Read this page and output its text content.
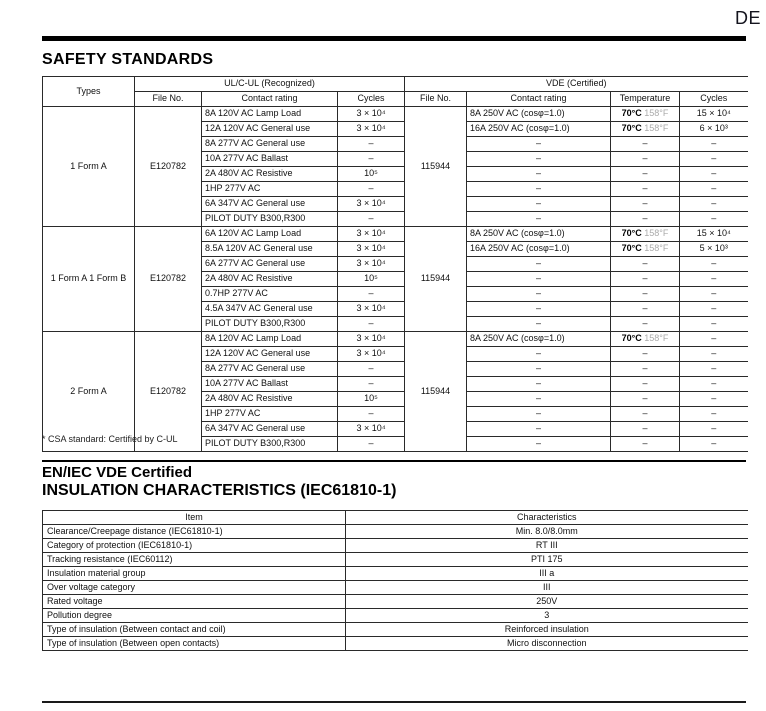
DE
SAFETY STANDARDS
Types	UL/C-UL (Recognized)			VDE (Certified)			
	File No.	Contact rating	Cycles	File No.	Contact rating	Temperature	Cycles
1 Form A	E120782	8A 120V AC Lamp Load	3 × 10⁴	115944	8A 250V AC (cosφ=1.0)	70°C 158°F	15 × 10⁴
		12A 120V AC General use	3 × 10⁴		16A 250V AC (cosφ=1.0)	70°C 158°F	6 × 10³
		8A 277V AC General use	–		–	–	–
		10A 277V AC Ballast	–		–	–	–
		2A 480V AC Resistive	10⁵		–	–	–
		1HP 277V AC	–		–	–	–
		6A 347V AC General use	3 × 10⁴		–	–	–
		PILOT DUTY B300,R300	–		–	–	–
1 Form A 1 Form B	E120782	6A 120V AC Lamp Load	3 × 10⁴	115944	8A 250V AC (cosφ=1.0)	70°C 158°F	15 × 10⁴
		8.5A 120V AC General use	3 × 10⁴		16A 250V AC (cosφ=1.0)	70°C 158°F	5 × 10³
		6A 277V AC General use	3 × 10⁴		–	–	–
		2A 480V AC Resistive	10⁵		–	–	–
		0.7HP 277V AC	–		–	–	–
		4.5A 347V AC General use	3 × 10⁴		–	–	–
		PILOT DUTY B300,R300	–		–	–	–
2 Form A	E120782	8A 120V AC Lamp Load	3 × 10⁴	115944	8A 250V AC (cosφ=1.0)	70°C 158°F	–
		12A 120V AC General use	3 × 10⁴		–	–	–
		8A 277V AC General use	–		–	–	–
		10A 277V AC Ballast	–		–	–	–
		2A 480V AC Resistive	10⁵		–	–	–
		1HP 277V AC	–		–	–	–
		6A 347V AC General use	3 × 10⁴		–	–	–
		PILOT DUTY B300,R300	–		–	–	–
* CSA standard: Certified by C-UL
EN/IEC VDE Certified
INSULATION CHARACTERISTICS (IEC61810-1)
Item	Characteristics
Clearance/Creepage distance (IEC61810-1)	Min. 8.0/8.0mm
Category of protection (IEC61810-1)	RT III
Tracking resistance (IEC60112)	PTI 175
Insulation material group	III a
Over voltage category	III
Rated voltage	250V
Pollution degree	3
Type of insulation (Between contact and coil)	Reinforced insulation
Type of insulation (Between open contacts)	Micro disconnection
